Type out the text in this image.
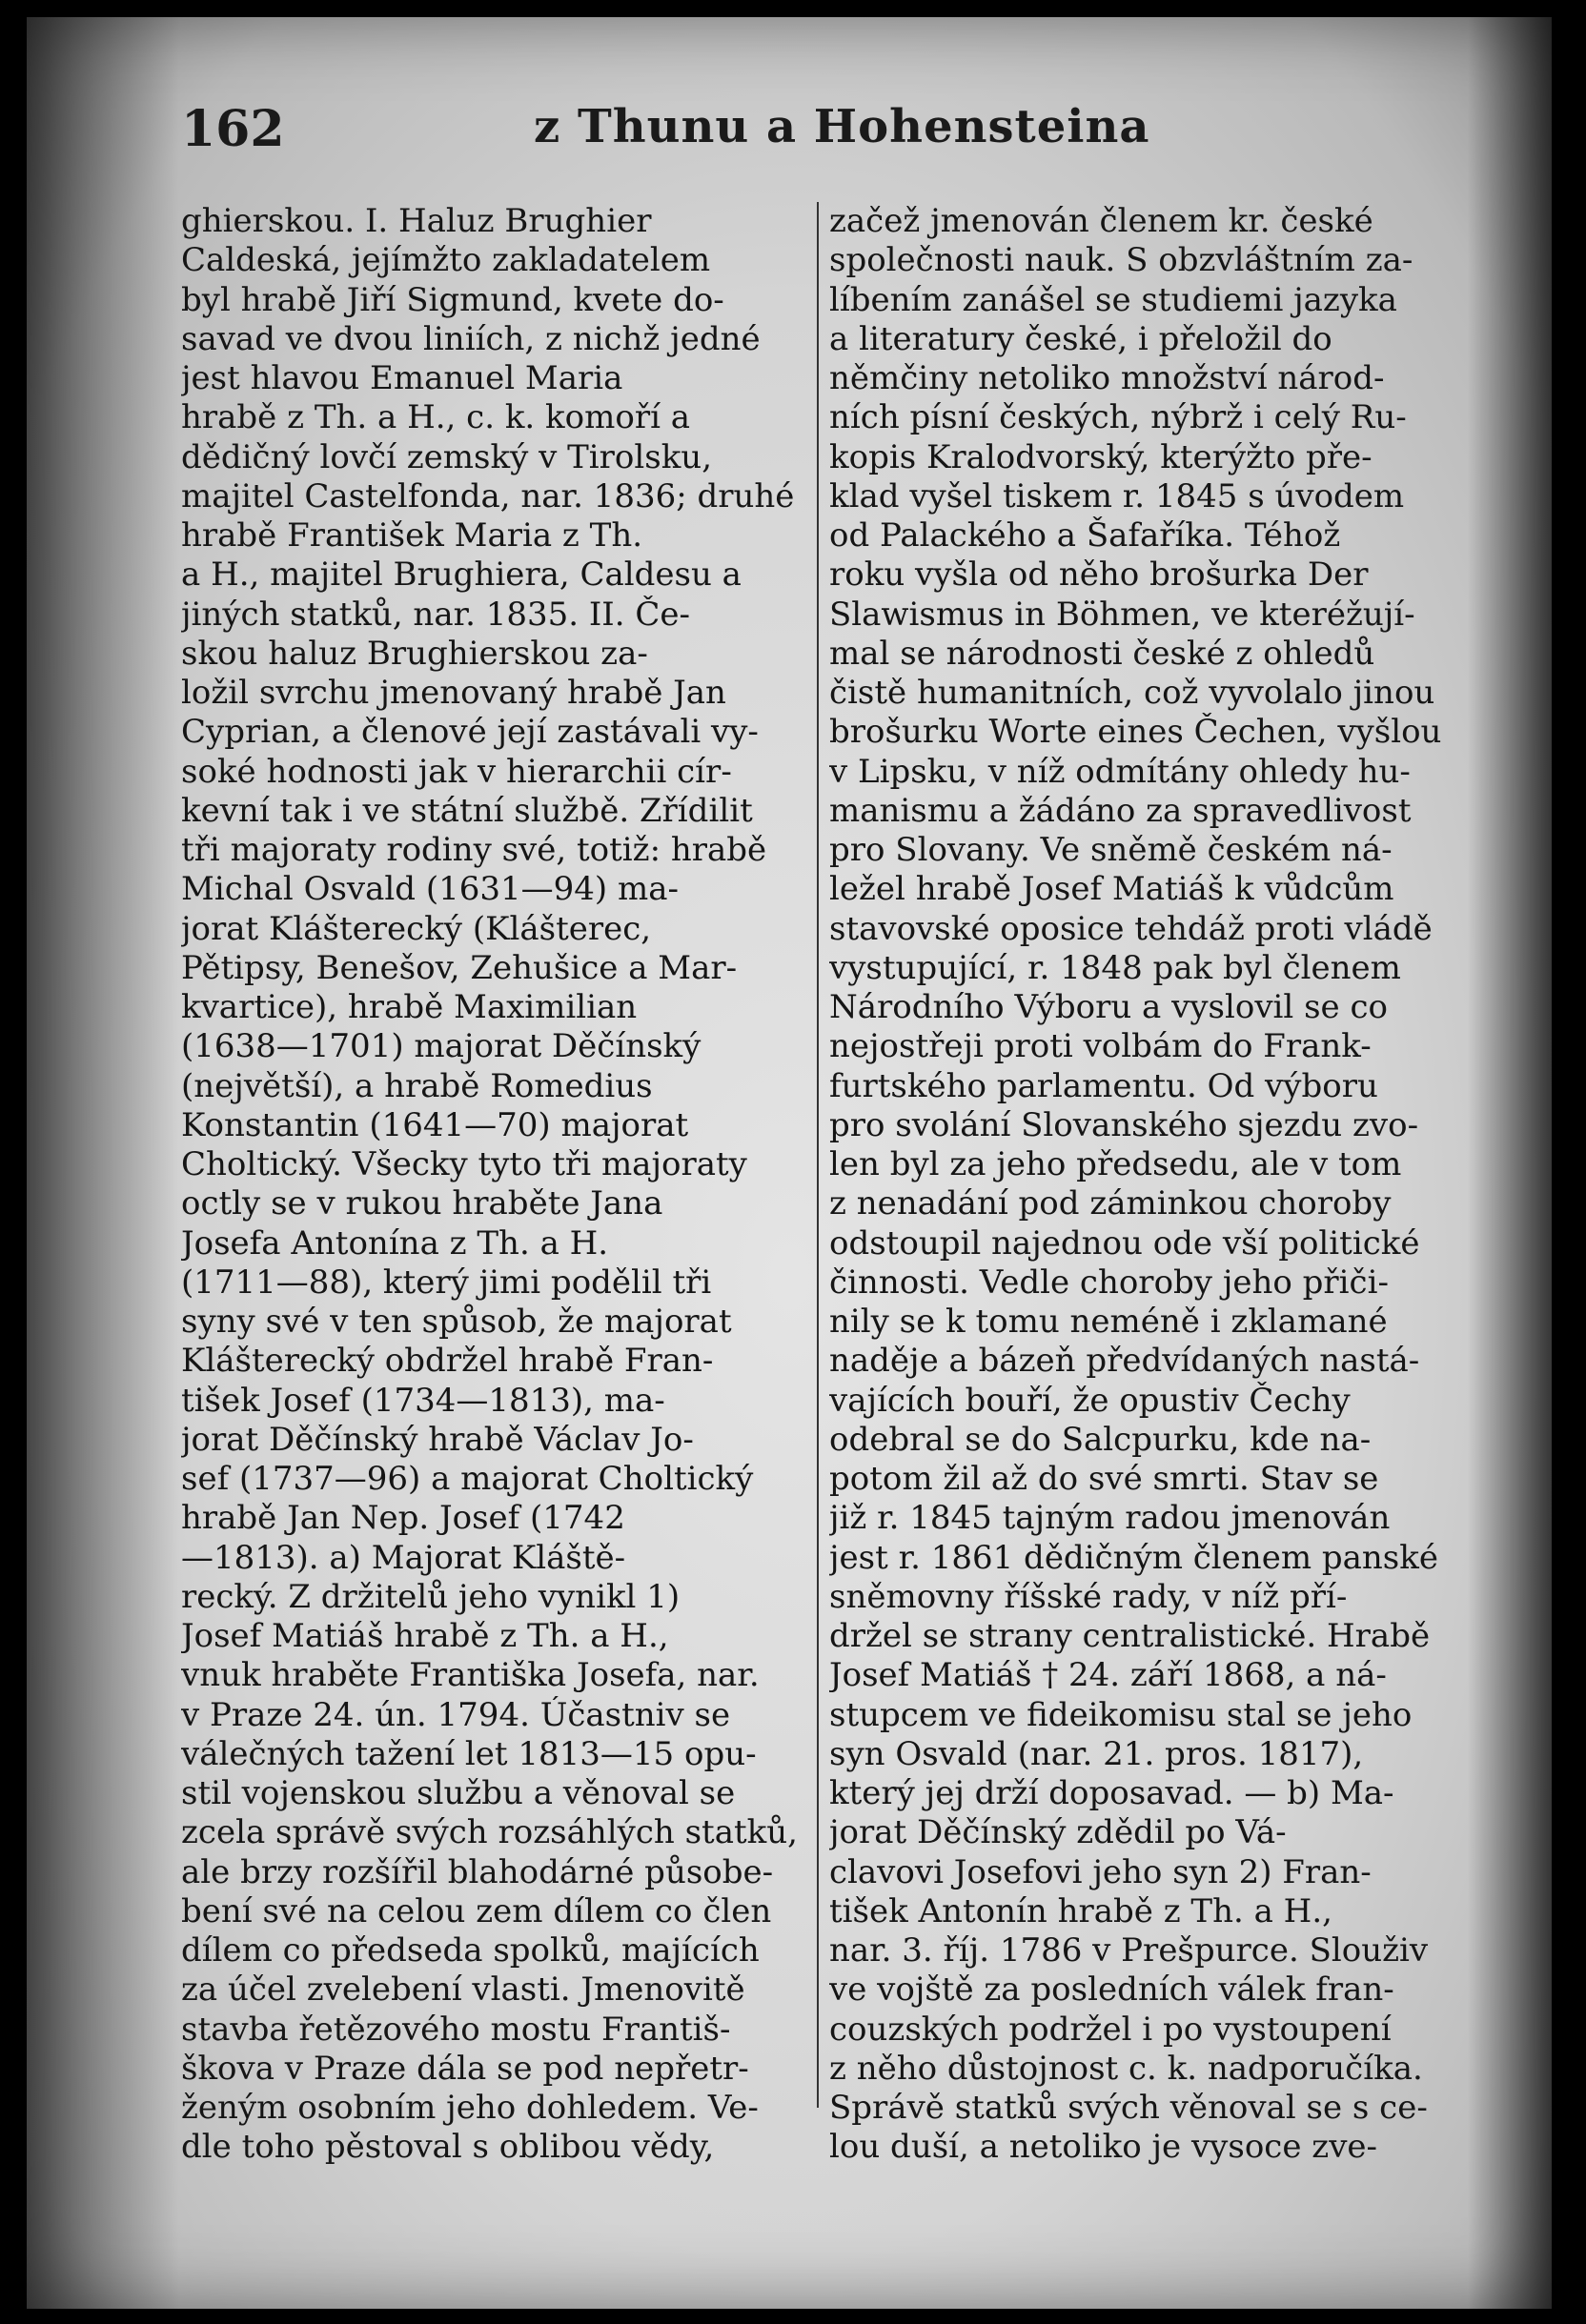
162	z Thunu a Hohensteina
ghierskou. I. Haluz Brughier
Caldeská, jejímžto zakladatelem
byl hrabě Jiří Sigmund, kvete do-
savad ve dvou liniích, z nichž jedné
jest hlavou Emanuel Maria
hrabě z Th. a H., c. k. komoří a
dědičný lovčí zemský v Tirolsku,
majitel Castelfonda, nar. 1836; druhé
hrabě František Maria z Th.
a H., majitel Brughiera, Caldesu a
jiných statků, nar. 1835. II. Če-
skou haluz Brughierskou za-
ložil svrchu jmenovaný hrabě Jan
Cyprian, a členové její zastávali vy-
soké hodnosti jak v hierarchii cír-
kevní tak i ve státní službě. Zřídilit
tři majoraty rodiny své, totiž: hrabě
Michal Osvald (1631—94) ma-
jorat Klášterecký (Klášterec,
Pětipsy, Benešov, Zehušice a Mar-
kvartice), hrabě Maximilian
(1638—1701) majorat Děčínský
(největší), a hrabě Romedius
Konstantin (1641—70) majorat
Choltický. Všecky tyto tři majoraty
octly se v rukou hraběte Jana
Josefa Antonína z Th. a H.
(1711—88), který jimi podělil tři
syny své v ten spůsob, že majorat
Klášterecký obdržel hrabě Fran-
tišek Josef (1734—1813), ma-
jorat Děčínský hrabě Václav Jo-
sef (1737—96) a majorat Choltický
hrabě Jan Nep. Josef (1742
—1813). a) Majorat Kláště-
recký. Z držitelů jeho vynikl 1)
Josef Matiáš hrabě z Th. a H.,
vnuk hraběte Františka Josefa, nar.
v Praze 24. ún. 1794. Účastniv se
válečných tažení let 1813—15 opu-
stil vojenskou službu a věnoval se
zcela správě svých rozsáhlých statků,
ale brzy rozšířil blahodárné působe-
bení své na celou zem dílem co člen
dílem co předseda spolků, majících
za účel zvelebení vlasti. Jmenovitě
stavba řetězového mostu Františ-
škova v Praze dála se pod nepřetr-
ženým osobním jeho dohledem. Ve-
dle toho pěstoval s oblibou vědy,
začež jmenován členem kr. české
společnosti nauk. S obzvláštním za-
líbením zanášel se studiemi jazyka
a literatury české, i přeložil do
němčiny netoliko množství národ-
ních písní českých, nýbrž i celý Ru-
kopis Kralodvorský, kterýžto pře-
klad vyšel tiskem r. 1845 s úvodem
od Palackého a Šafaříka. Téhož
roku vyšla od něho brošurka Der
Slawismus in Böhmen, ve kteréžují-
mal se národnosti české z ohledů
čistě humanitních, což vyvolalo jinou
brošurku Worte eines Čechen, vyšlou
v Lipsku, v níž odmítány ohledy hu-
manismu a žádáno za spravedlivost
pro Slovany. Ve sněmě českém ná-
ležel hrabě Josef Matiáš k vůdcům
stavovské oposice tehdáž proti vládě
vystupující, r. 1848 pak byl členem
Národního Výboru a vyslovil se co
nejostřeji proti volbám do Frank-
furtského parlamentu. Od výboru
pro svolání Slovanského sjezdu zvo-
len byl za jeho předsedu, ale v tom
z nenadání pod záminkou choroby
odstoupil najednou ode vší politické
činnosti. Vedle choroby jeho přiči-
nily se k tomu neméně i zklamané
naděje a bázeň předvídaných nastá-
vajících bouří, že opustiv Čechy
odebral se do Salcpurku, kde na-
potom žil až do své smrti. Stav se
již r. 1845 tajným radou jmenován
jest r. 1861 dědičným členem panské
sněmovny říšské rady, v níž pří-
držel se strany centralistické. Hrabě
Josef Matiáš † 24. září 1868, a ná-
stupcem ve fideikomisu stal se jeho
syn Osvald (nar. 21. pros. 1817),
který jej drží doposavad. — b) Ma-
jorat Děčínský zdědil po Vá-
clavovi Josefovi jeho syn 2) Fran-
tišek Antonín hrabě z Th. a H.,
nar. 3. říj. 1786 v Prešpurce. Slouživ
ve vojště za posledních válek fran-
couzských podržel i po vystoupení
z něho důstojnost c. k. nadporučíka.
Správě statků svých věnoval se s ce-
lou duší, a netoliko je vysoce zve-
